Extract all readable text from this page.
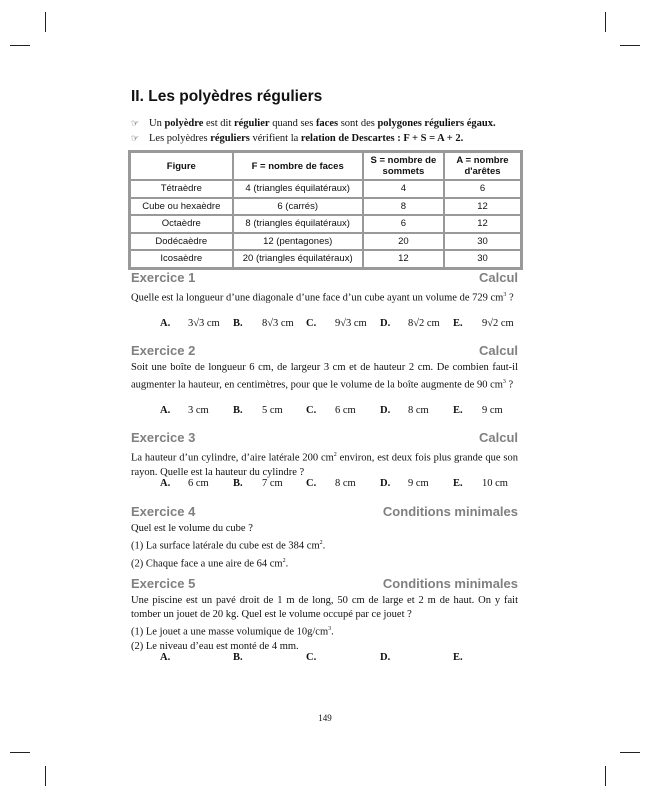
II. Les polyèdres réguliers
☞ Un polyèdre est dit régulier quand ses faces sont des polygones réguliers égaux.
☞ Les polyèdres réguliers vérifient la relation de Descartes : F + S = A + 2.
Figure	F = nombre de faces	S = nombre de sommets	A = nombre d'arêtes
Tétraèdre	4 (triangles équilatéraux)	4	6
Cube ou hexaèdre	6 (carrés)	8	12
Octaèdre	8 (triangles équilatéraux)	6	12
Dodécaèdre	12 (pentagones)	20	30
Icosaèdre	20 (triangles équilatéraux)	12	30
Exercice 1	Calcul
Quelle est la longueur d’une diagonale d’une face d’un cube ayant un volume de 729 $cm^3$ ?
A. 3√3 cm B. 8√3 cm C. 9√3 cm D. 8√2 cm E. 9√2 cm
Exercice 2	Calcul
Soit une boîte de longueur 6 cm, de largeur 3 cm et de hauteur 2 cm. De combien faut-il augmenter la hauteur, en centimètres, pour que le volume de la boîte augmente de 90 $cm^3$ ?
A. 3 cm B. 5 cm C. 6 cm D. 8 cm E. 9 cm
Exercice 3	Calcul
La hauteur d’un cylindre, d’aire latérale 200 $cm^2$ environ, est deux fois plus grande que son rayon. Quelle est la hauteur du cylindre ?
A. 6 cm B. 7 cm C. 8 cm D. 9 cm E. 10 cm
Exercice 4	Conditions minimales
Quel est le volume du cube ?
(1) La surface latérale du cube est de 384 $cm^2$.
(2) Chaque face a une aire de 64 $cm^2$.
Exercice 5	Conditions minimales
Une piscine est un pavé droit de 1 m de long, 50 cm de large et 2 m de haut. On y fait tomber un jouet de 20 kg. Quel est le volume occupé par ce jouet ?
(1) Le jouet a une masse volumique de $10g/cm^3$.
(2) Le niveau d’eau est monté de 4 mm.
A.	B.	C.	D.	E.
149
